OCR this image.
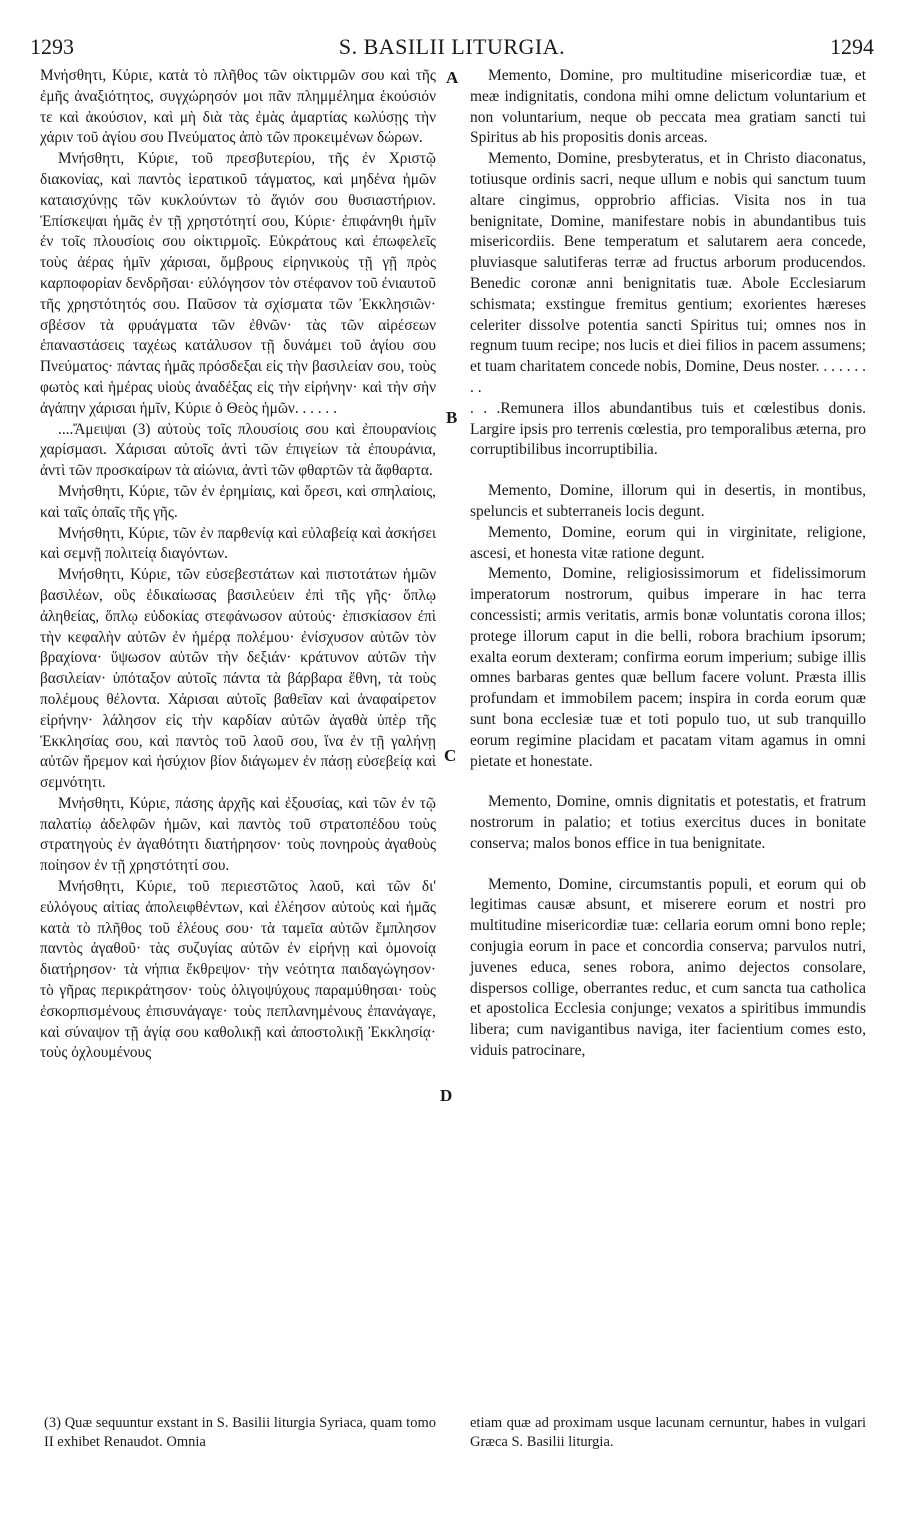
1293	S. BASILII LITURGIA.	1294

Μνήσθητι, Κύριε, κατὰ τὸ πλῆθος τῶν οἰκτιρμῶν σου καὶ τῆς ἐμῆς ἀναξιότητος, συγχώρησόν μοι πᾶν πλημμέλημα ἑκούσιόν τε καὶ ἀκούσιον, καὶ μὴ διὰ τὰς ἐμὰς ἁμαρτίας κωλύσῃς τὴν χάριν τοῦ ἁγίου σου Πνεύματος ἀπὸ τῶν προκειμένων δώρων.

Μνήσθητι, Κύριε, τοῦ πρεσβυτερίου, τῆς ἐν Χριστῷ διακονίας, καὶ παντὸς ἱερατικοῦ τάγματος, καὶ μηδένα ἡμῶν καταισχύνῃς τῶν κυκλούντων τὸ ἅγιόν σου θυσιαστήριον. Ἐπίσκεψαι ἡμᾶς ἐν τῇ χρηστότητί σου, Κύριε· ἐπιφάνηθι ἡμῖν ἐν τοῖς πλουσίοις σου οἰκτιρμοῖς. Εὐκράτους καὶ ἐπωφελεῖς τοὺς ἀέρας ἡμῖν χάρισαι, ὄμβρους εἰρηνικοὺς τῇ γῇ πρὸς καρποφορίαν δενδρῆσαι· εὐλόγησον τὸν στέφανον τοῦ ἐνιαυτοῦ τῆς χρηστότητός σου. Παῦσον τὰ σχίσματα τῶν Ἐκκλησιῶν· σβέσον τὰ φρυάγματα τῶν ἐθνῶν· τὰς τῶν αἱρέσεων ἐπαναστάσεις ταχέως κατάλυσον τῇ δυνάμει τοῦ ἁγίου σου Πνεύματος· πάντας ἡμᾶς πρόσδεξαι εἰς τὴν βασιλείαν σου, τοὺς φωτὸς καὶ ἡμέρας υἱοὺς ἀναδέξας εἰς τὴν εἰρήνην· καὶ τὴν σὴν ἀγάπην χάρισαι ἡμῖν, Κύριε ὁ Θεὸς ἡμῶν. . . . . .

....Ἄμειψαι (3) αὐτοὺς τοῖς πλουσίοις σου καὶ ἐπουρανίοις χαρίσμασι. Χάρισαι αὐτοῖς ἀντὶ τῶν ἐπιγείων τὰ ἐπουράνια, ἀντὶ τῶν προσκαίρων τὰ αἰώνια, ἀντὶ τῶν φθαρτῶν τὰ ἄφθαρτα.

Μνήσθητι, Κύριε, τῶν ἐν ἐρημίαις, καὶ ὄρεσι, καὶ σπηλαίοις, καὶ ταῖς ὀπαῖς τῆς γῆς.

Μνήσθητι, Κύριε, τῶν ἐν παρθενίᾳ καὶ εὐλαβείᾳ καὶ ἀσκήσει καὶ σεμνῇ πολιτείᾳ διαγόντων.

Μνήσθητι, Κύριε, τῶν εὐσεβεστάτων καὶ πιστοτάτων ἡμῶν βασιλέων, οὓς ἐδικαίωσας βασιλεύειν ἐπὶ τῆς γῆς· ὅπλῳ ἀληθείας, ὅπλῳ εὐδοκίας στεφάνωσον αὐτούς· ἐπισκίασον ἐπὶ τὴν κεφαλὴν αὐτῶν ἐν ἡμέρᾳ πολέμου· ἐνίσχυσον αὐτῶν τὸν βραχίονα· ὕψωσον αὐτῶν τὴν δεξιάν· κράτυνον αὐτῶν τὴν βασιλείαν· ὑπόταξον αὐτοῖς πάντα τὰ βάρβαρα ἔθνη, τὰ τοὺς πολέμους θέλοντα. Χάρισαι αὐτοῖς βαθεῖαν καὶ ἀναφαίρετον εἰρήνην· λάλησον εἰς τὴν καρδίαν αὐτῶν ἀγαθὰ ὑπὲρ τῆς Ἐκκλησίας σου, καὶ παντὸς τοῦ λαοῦ σου, ἵνα ἐν τῇ γαλήνῃ αὐτῶν ἤρεμον καὶ ἡσύχιον βίον διάγωμεν ἐν πάσῃ εὐσεβείᾳ καὶ σεμνότητι.

Μνήσθητι, Κύριε, πάσης ἀρχῆς καὶ ἐξουσίας, καὶ τῶν ἐν τῷ παλατίῳ ἀδελφῶν ἡμῶν, καὶ παντὸς τοῦ στρατοπέδου τοὺς στρατηγοὺς ἐν ἀγαθότητι διατήρησον· τοὺς πονηροὺς ἀγαθοὺς ποίησον ἐν τῇ χρηστότητί σου.

Μνήσθητι, Κύριε, τοῦ περιεστῶτος λαοῦ, καὶ τῶν δι' εὐλόγους αἰτίας ἀπολειφθέντων, καὶ ἐλέησον αὐτοὺς καὶ ἡμᾶς κατὰ τὸ πλῆθος τοῦ ἐλέους σου· τὰ ταμεῖα αὐτῶν ἔμπλησον παντὸς ἀγαθοῦ· τὰς συζυγίας αὐτῶν ἐν εἰρήνῃ καὶ ὁμονοίᾳ διατήρησον· τὰ νήπια ἔκθρεψον· τὴν νεότητα παιδαγώγησον· τὸ γῆρας περικράτησον· τοὺς ὀλιγοψύχους παραμύθησαι· τοὺς ἐσκορπισμένους ἐπισυνάγαγε· τοὺς πεπλανημένους ἐπανάγαγε, καὶ σύναψον τῇ ἁγίᾳ σου καθολικῇ καὶ ἀποστολικῇ Ἐκκλησίᾳ· τοὺς ὀχλουμένους

A
B
C
D

Memento, Domine, pro multitudine misericordiæ tuæ, et meæ indignitatis, condona mihi omne delictum voluntarium et non voluntarium, neque ob peccata mea gratiam sancti tui Spiritus ab his propositis donis arceas.

Memento, Domine, presbyteratus, et in Christo diaconatus, totiusque ordinis sacri, neque ullum e nobis qui sanctum tuum altare cingimus, opprobrio afficias. Visita nos in tua benignitate, Domine, manifestare nobis in abundantibus tuis misericordiis. Bene temperatum et salutarem aera concede, pluviasque salutiferas terræ ad fructus arborum producendos. Benedic coronæ anni benignitatis tuæ. Abole Ecclesiarum schismata; exstingue fremitus gentium; exorientes hæreses celeriter dissolve potentia sancti Spiritus tui; omnes nos in regnum tuum recipe; nos lucis et diei filios in pacem assumens; et tuam charitatem concede nobis, Domine, Deus noster. . . . . . . . .

. . .Remunera illos abundantibus tuis et cœlestibus donis. Largire ipsis pro terrenis cœlestia, pro temporalibus æterna, pro corruptibilibus incorruptibilia.

Memento, Domine, illorum qui in desertis, in montibus, speluncis et subterraneis locis degunt.

Memento, Domine, eorum qui in virginitate, religione, ascesi, et honesta vitæ ratione degunt.

Memento, Domine, religiosissimorum et fidelissimorum imperatorum nostrorum, quibus imperare in hac terra concessisti; armis veritatis, armis bonæ voluntatis corona illos; protege illorum caput in die belli, robora brachium ipsorum; exalta eorum dexteram; confirma eorum imperium; subige illis omnes barbaras gentes quæ bellum facere volunt. Præsta illis profundam et immobilem pacem; inspira in corda eorum quæ sunt bona ecclesiæ tuæ et toti populo tuo, ut sub tranquillo eorum regimine placidam et pacatam vitam agamus in omni pietate et honestate.

Memento, Domine, omnis dignitatis et potestatis, et fratrum nostrorum in palatio; et totius exercitus duces in bonitate conserva; malos bonos effice in tua benignitate.

Memento, Domine, circumstantis populi, et eorum qui ob legitimas causæ absunt, et miserere eorum et nostri pro multitudine misericordiæ tuæ: cellaria eorum omni bono reple; conjugia eorum in pace et concordia conserva; parvulos nutri, juvenes educa, senes robora, animo dejectos consolare, dispersos collige, oberrantes reduc, et cum sancta tua catholica et apostolica Ecclesia conjunge; vexatos a spiritibus immundis libera; cum navigantibus naviga, iter facientium comes esto, viduis patrocinare,

(3) Quæ sequuntur exstant in S. Basilii liturgia Syriaca, quam tomo II exhibet Renaudot. Omnia
etiam quæ ad proximam usque lacunam cernuntur, habes in vulgari Græca S. Basilii liturgia.
